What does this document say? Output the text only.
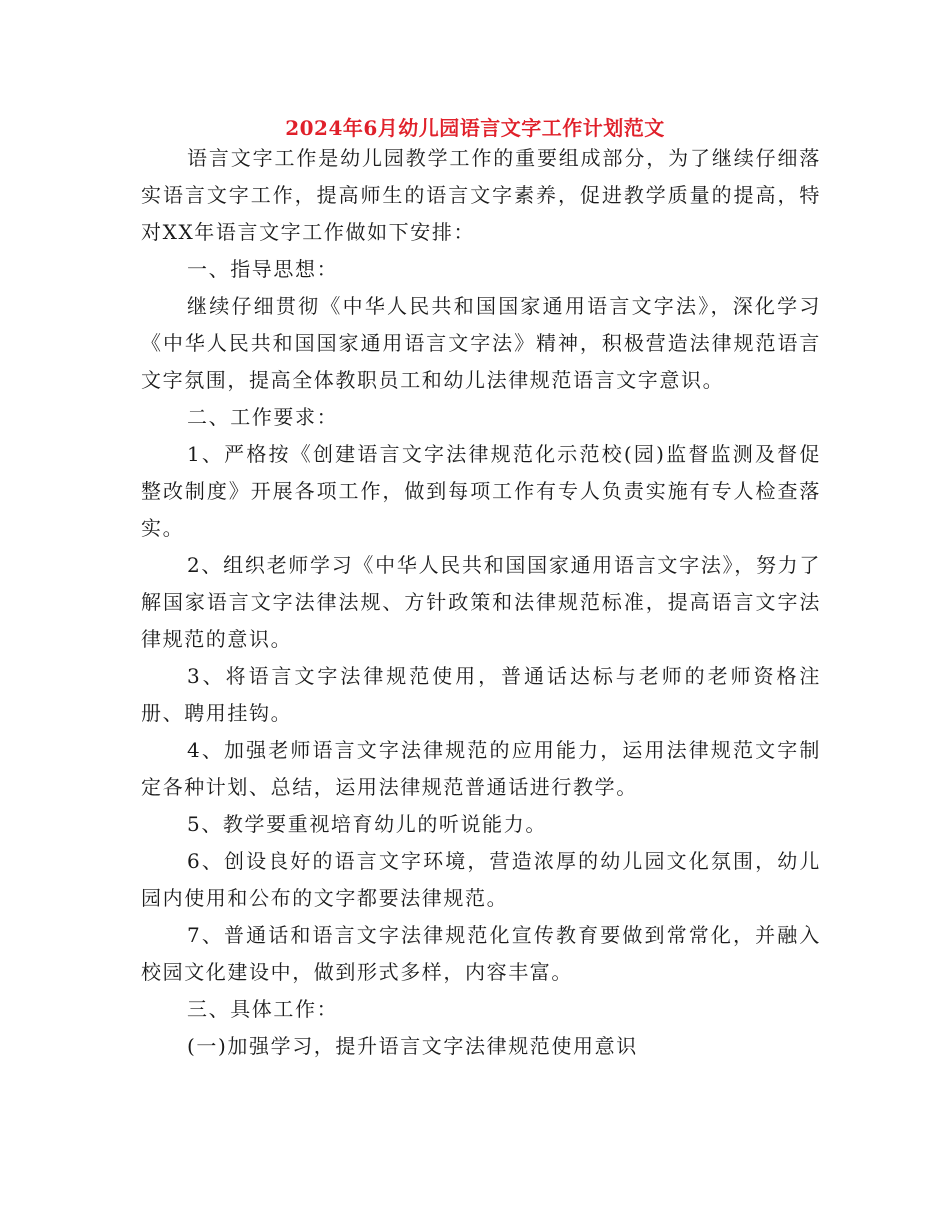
2024年6月幼儿园语言文字工作计划范文

语言文字工作是幼儿园教学工作的重要组成部分，为了继续仔细落实语言文字工作，提高师生的语言文字素养，促进教学质量的提高，特对XX年语言文字工作做如下安排：

一、指导思想：

继续仔细贯彻《中华人民共和国国家通用语言文字法》，深化学习《中华人民共和国国家通用语言文字法》精神，积极营造法律规范语言文字氛围，提高全体教职员工和幼儿法律规范语言文字意识。

二、工作要求：

1、严格按《创建语言文字法律规范化示范校(园)监督监测及督促整改制度》开展各项工作，做到每项工作有专人负责实施有专人检查落实。

2、组织老师学习《中华人民共和国国家通用语言文字法》，努力了解国家语言文字法律法规、方针政策和法律规范标准，提高语言文字法律规范的意识。

3、将语言文字法律规范使用，普通话达标与老师的老师资格注册、聘用挂钩。

4、加强老师语言文字法律规范的应用能力，运用法律规范文字制定各种计划、总结，运用法律规范普通话进行教学。

5、教学要重视培育幼儿的听说能力。

6、创设良好的语言文字环境，营造浓厚的幼儿园文化氛围，幼儿园内使用和公布的文字都要法律规范。

7、普通话和语言文字法律规范化宣传教育要做到常常化，并融入校园文化建设中，做到形式多样，内容丰富。

三、具体工作：

(一)加强学习，提升语言文字法律规范使用意识
